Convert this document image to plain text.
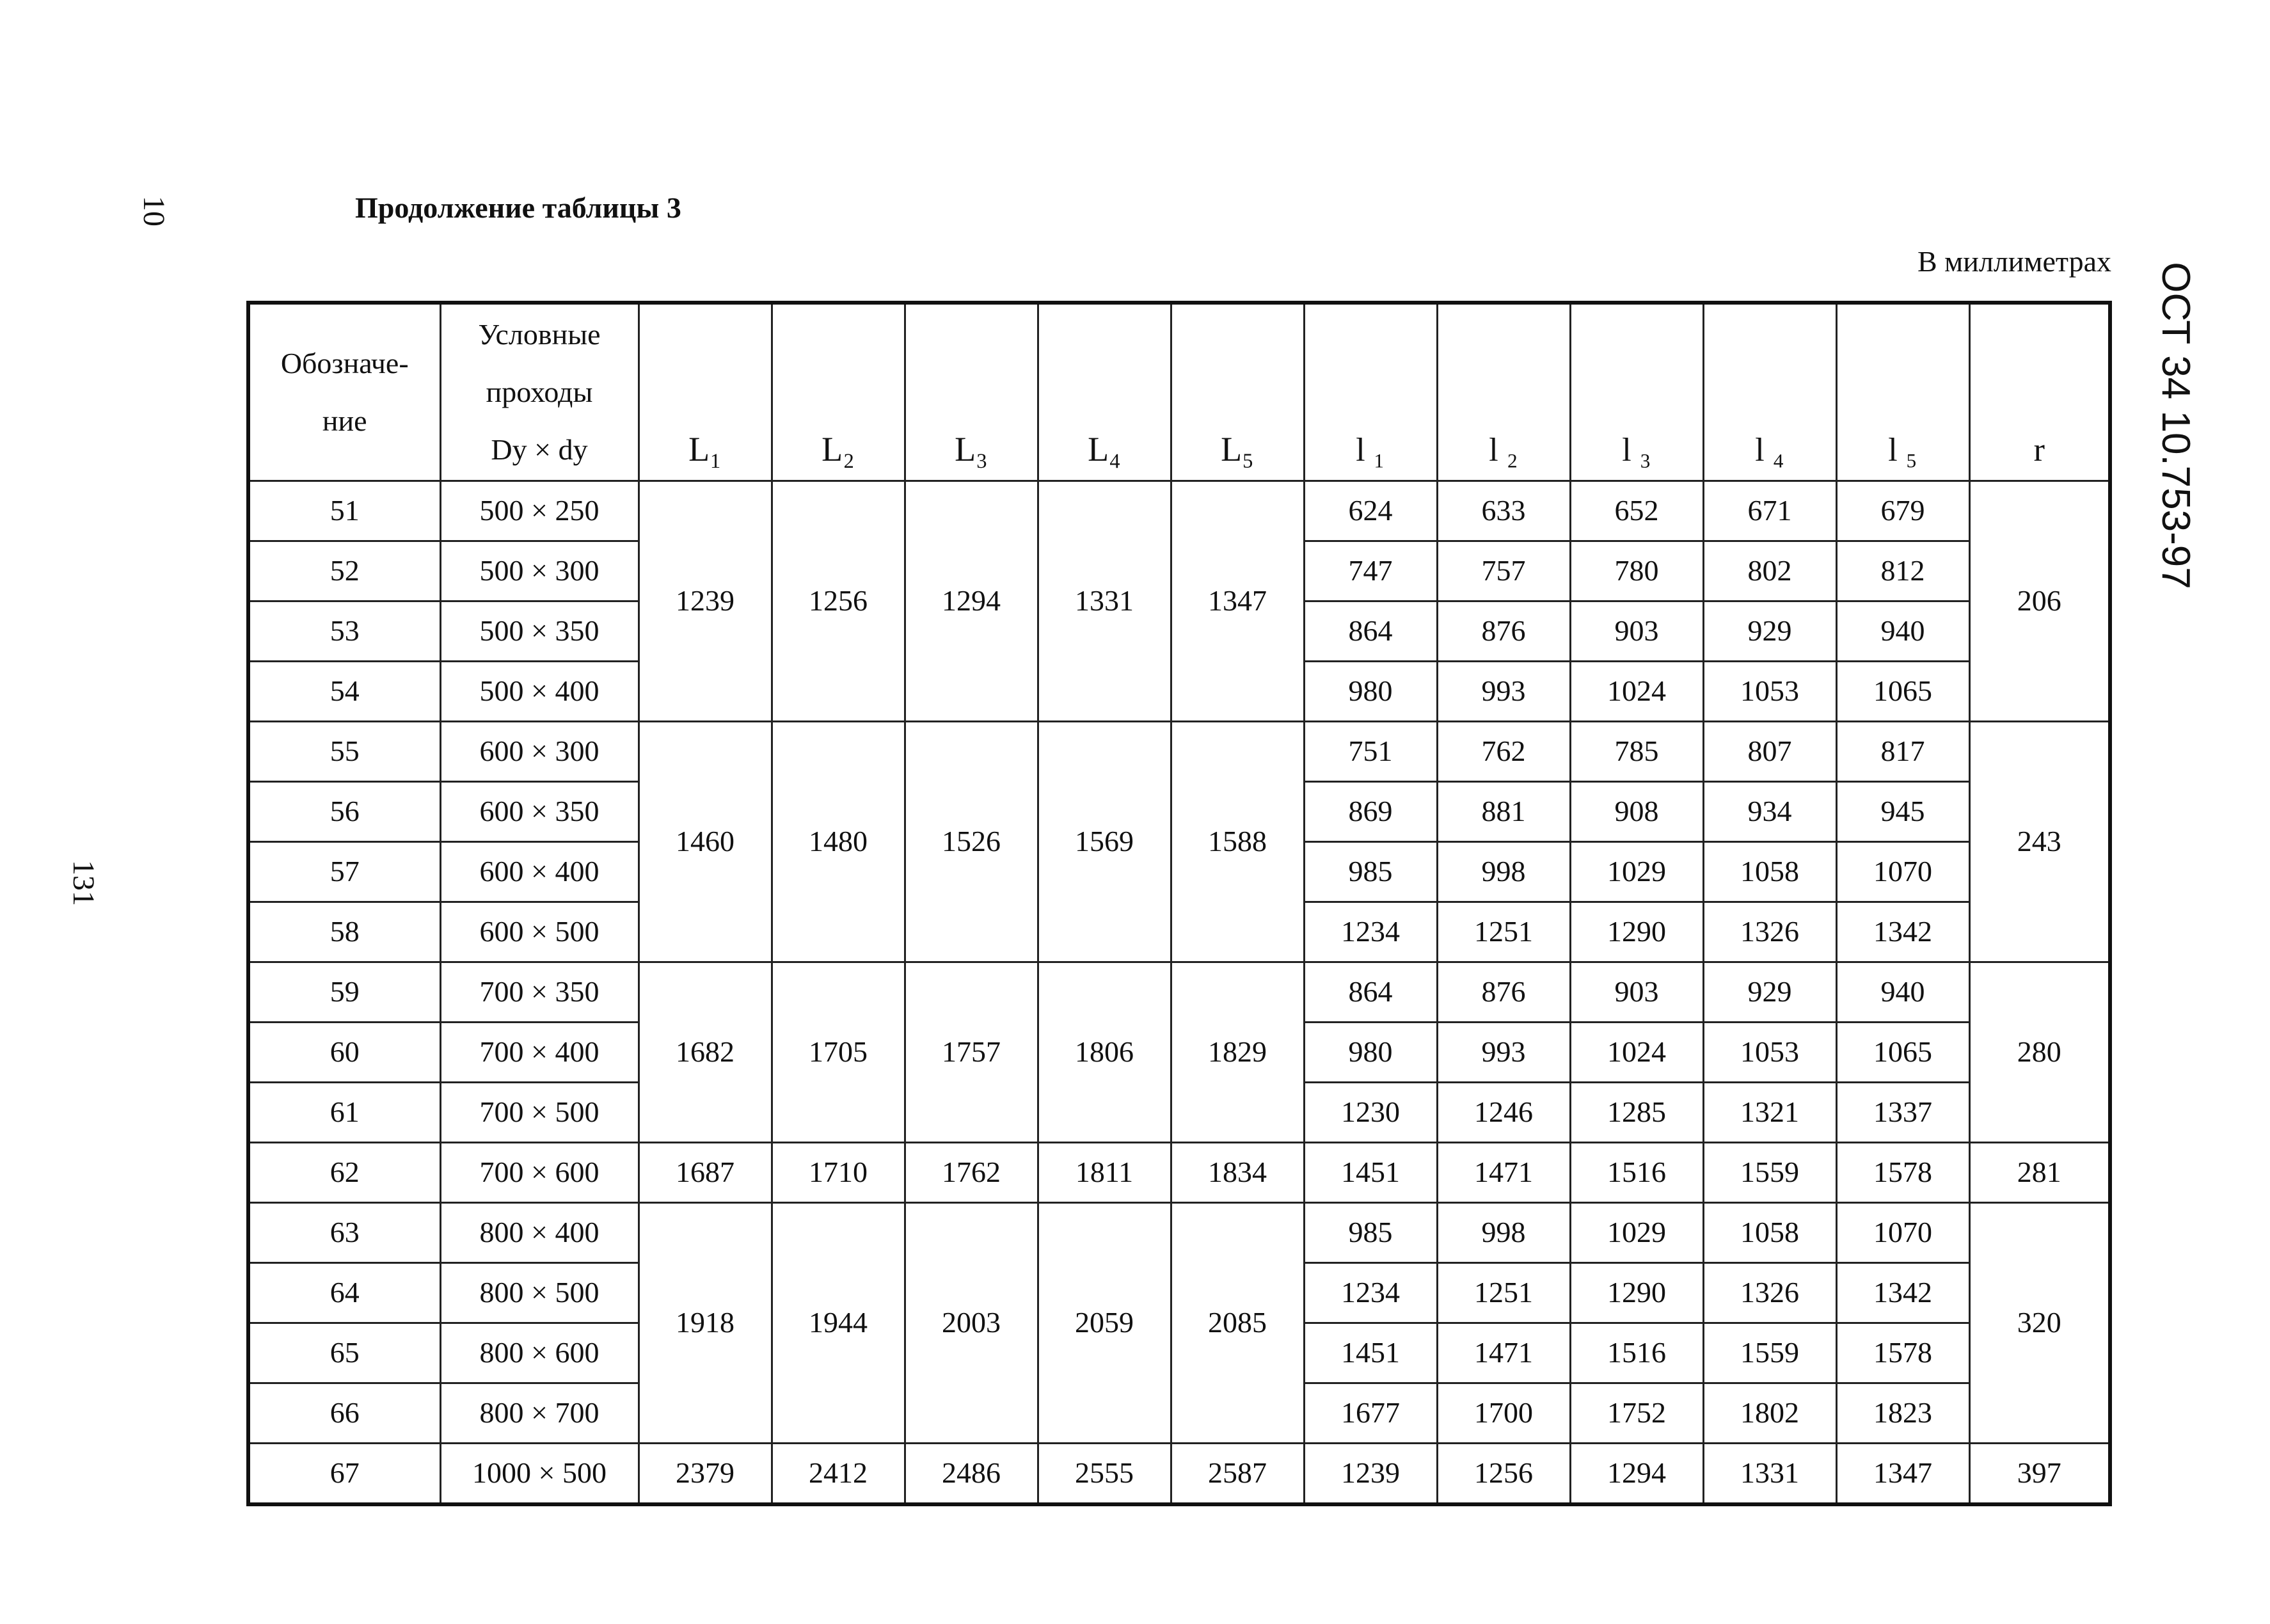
10
131
ОСТ 34 10.753-97
Продолжение таблицы 3
В миллиметрах
Обозначе-
ние	Условные
проходы
Dy × dy	L₁	L₂	L₃	L₄	L₅	l ₁	l ₂	l ₃	l ₄	l ₅	r
51	500 × 250	1239	1256	1294	1331	1347	624	633	652	671	679	206
52	500 × 300						747	757	780	802	812	
53	500 × 350						864	876	903	929	940	
54	500 × 400						980	993	1024	1053	1065	
55	600 × 300	1460	1480	1526	1569	1588	751	762	785	807	817	243
56	600 × 350						869	881	908	934	945	
57	600 × 400						985	998	1029	1058	1070	
58	600 × 500						1234	1251	1290	1326	1342	
59	700 × 350	1682	1705	1757	1806	1829	864	876	903	929	940	280
60	700 × 400						980	993	1024	1053	1065	
61	700 × 500						1230	1246	1285	1321	1337	
62	700 × 600	1687	1710	1762	1811	1834	1451	1471	1516	1559	1578	281
63	800 × 400	1918	1944	2003	2059	2085	985	998	1029	1058	1070	320
64	800 × 500						1234	1251	1290	1326	1342	
65	800 × 600						1451	1471	1516	1559	1578	
66	800 × 700						1677	1700	1752	1802	1823	
67	1000 × 500	2379	2412	2486	2555	2587	1239	1256	1294	1331	1347	397
